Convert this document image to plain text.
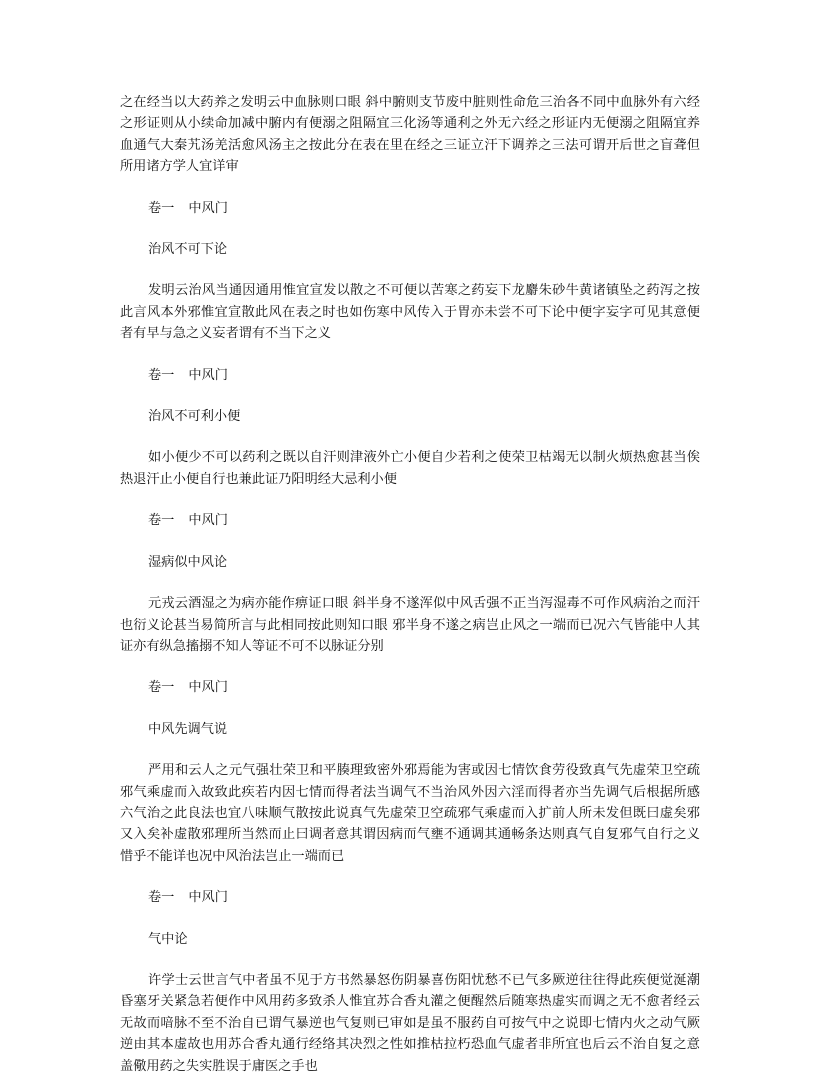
之在经当以大药养之发明云中血脉则口眼 斜中腑则支节废中脏则性命危三治各不同中血脉外有六经之形证则从小续命加减中腑内有便溺之阻隔宜三化汤等通利之外无六经之形证内无便溺之阻隔宜养血通气大秦艽汤羌活愈风汤主之按此分在表在里在经之三证立汗下调养之三法可谓开后世之盲聋但所用诸方学人宜详审

卷一 中风门

治风不可下论

发明云治风当通因通用惟宜宣发以散之不可便以苦寒之药妄下龙麝朱砂牛黄诸镇坠之药泻之按此言风本外邪惟宜宣散此风在表之时也如伤寒中风传入于胃亦未尝不可下论中便字妄字可见其意便者有早与急之义妄者谓有不当下之义

卷一 中风门

治风不可利小便

如小便少不可以药利之既以自汗则津液外亡小便自少若利之使荣卫枯竭无以制火烦热愈甚当俟热退汗止小便自行也兼此证乃阳明经大忌利小便

卷一 中风门

湿病似中风论

元戎云酒湿之为病亦能作痹证口眼 斜半身不遂浑似中风舌强不正当泻湿毒不可作风病治之而汗也衍义论甚当易简所言与此相同按此则知口眼 邪半身不遂之病岂止风之一端而已况六气皆能中人其证亦有纵急搐搦不知人等证不可不以脉证分别

卷一 中风门

中风先调气说

严用和云人之元气强壮荣卫和平腠理致密外邪焉能为害或因七情饮食劳役致真气先虚荣卫空疏邪气乘虚而入故致此疾若内因七情而得者法当调气不当治风外因六淫而得者亦当先调气后根据所感六气治之此良法也宜八味顺气散按此说真气先虚荣卫空疏邪气乘虚而入扩前人所未发但既曰虚矣邪又入矣补虚散邪理所当然而止曰调者意其谓因病而气壅不通调其通畅条达则真气自复邪气自行之义惜乎不能详也况中风治法岂止一端而已

卷一 中风门

气中论

许学士云世言气中者虽不见于方书然暴怒伤阴暴喜伤阳忧愁不已气多厥逆往往得此疾便觉涎潮昏塞牙关紧急若便作中风用药多致杀人惟宜苏合香丸灌之便醒然后随寒热虚实而调之无不愈者经云无故而喑脉不至不治自已谓气暴逆也气复则已审如是虽不服药自可按气中之说即七情内火之动气厥逆由其本虚故也用苏合香丸通行经络其决烈之性如推枯拉朽恐血气虚者非所宜也后云不治自复之意盖儆用药之失实胜误于庸医之手也
